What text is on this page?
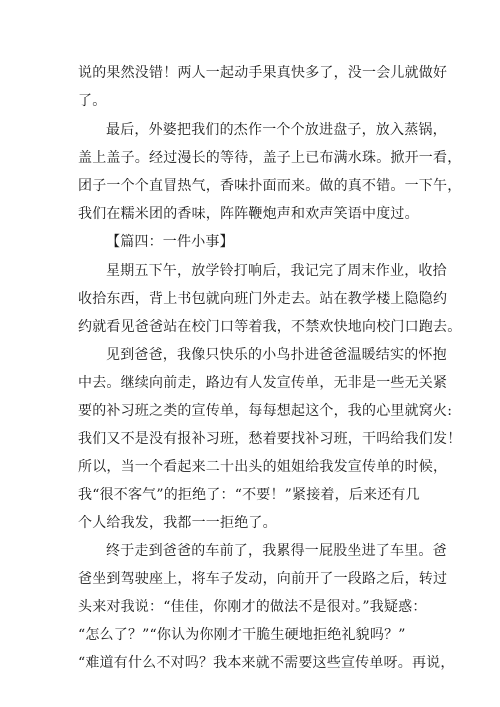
说的果然没错！两人一起动手果真快多了，没一会儿就做好
了。
最后，外婆把我们的杰作一个个放进盘子，放入蒸锅，
盖上盖子。经过漫长的等待，盖子上已布满水珠。掀开一看，
团子一个个直冒热气，香味扑面而来。做的真不错。一下午，
我们在糯米团的香味，阵阵鞭炮声和欢声笑语中度过。
【篇四：一件小事】
星期五下午，放学铃打响后，我记完了周末作业，收拾
收拾东西，背上书包就向班门外走去。站在教学楼上隐隐约
约就看见爸爸站在校门口等着我，不禁欢快地向校门口跑去。
见到爸爸，我像只快乐的小鸟扑进爸爸温暖结实的怀抱
中去。继续向前走，路边有人发宣传单，无非是一些无关紧
要的补习班之类的宣传单，每每想起这个，我的心里就窝火:
我们又不是没有报补习班，愁着要找补习班，干吗给我们发！
所以，当一个看起来二十出头的姐姐给我发宣传单的时候，
我“很不客气”的拒绝了：“不要！”紧接着，后来还有几
个人给我发，我都一一拒绝了。
终于走到爸爸的车前了，我累得一屁股坐进了车里。爸
爸坐到驾驶座上，将车子发动，向前开了一段路之后，转过
头来对我说：“佳佳，你刚才的做法不是很对。”我疑惑：
“怎么了？”“你认为你刚才干脆生硬地拒绝礼貌吗？”
“难道有什么不对吗？我本来就不需要这些宣传单呀。再说，
